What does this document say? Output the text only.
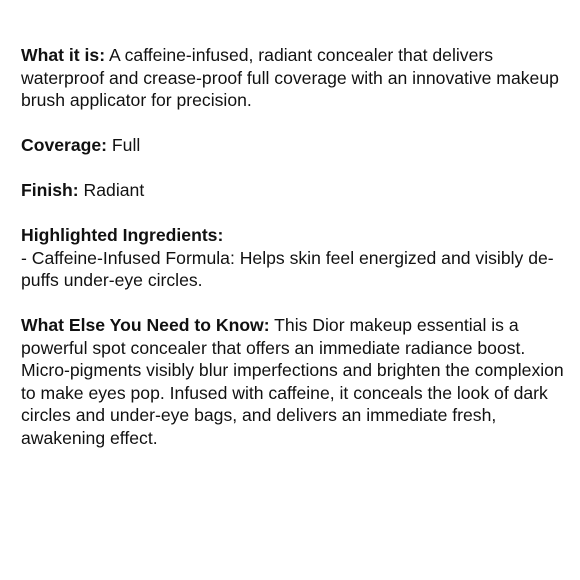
What it is: A caffeine-infused, radiant concealer that delivers waterproof and crease-proof full coverage with an innovative makeup brush applicator for precision.

Coverage: Full

Finish: Radiant

Highlighted Ingredients:
- Caffeine-Infused Formula: Helps skin feel energized and visibly de-puffs under-eye circles.

What Else You Need to Know: This Dior makeup essential is a powerful spot concealer that offers an immediate radiance boost. Micro-pigments visibly blur imperfections and brighten the complexion to make eyes pop. Infused with caffeine, it conceals the look of dark circles and under-eye bags, and delivers an immediate fresh, awakening effect.
